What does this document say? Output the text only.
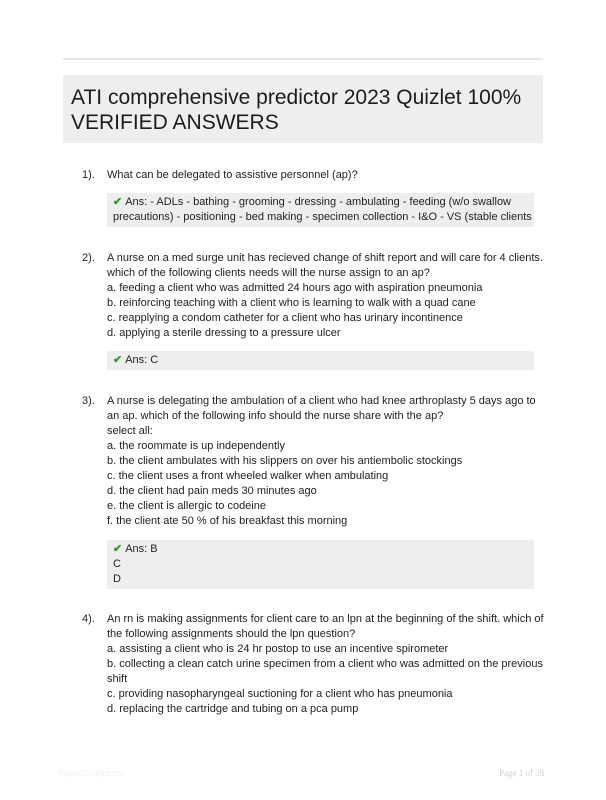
ATI comprehensive predictor 2023 Quizlet 100%
VERIFIED ANSWERS
1). What can be delegated to assistive personnel (ap)?
✔ Ans: - ADLs - bathing - grooming - dressing - ambulating - feeding (w/o swallow
precautions) - positioning - bed making - specimen collection - I&O - VS (stable clients
2). A nurse on a med surge unit has recieved change of shift report and will care for 4 clients.
which of the following clients needs will the nurse assign to an ap?
a. feeding a client who was admitted 24 hours ago with aspiration pneumonia
b. reinforcing teaching with a client who is learning to walk with a quad cane
c. reapplying a condom catheter for a client who has urinary incontinence
d. applying a sterile dressing to a pressure ulcer
✔ Ans: C
3). A nurse is delegating the ambulation of a client who had knee arthroplasty 5 days ago to
an ap. which of the following info should the nurse share with the ap?
select all:
a. the roommate is up independently
b. the client ambulates with his slippers on over his antiembolic stockings
c. the client uses a front wheeled walker when ambulating
d. the client had pain meds 30 minutes ago
e. the client is allergic to codeine
f. the client ate 50 % of his breakfast this morning
✔ Ans: B
C
D
4). An rn is making assignments for client care to an lpn at the beginning of the shift. which of
the following assignments should the lpn question?
a. assisting a client who is 24 hr postop to use an incentive spirometer
b. collecting a clean catch urine specimen from a client who was admitted on the previous
shift
c. providing nasopharyngeal suctioning for a client who has pneumonia
d. replacing the cartridge and tubing on a pca pump
PaperStudy.com	Page 1 of 38
